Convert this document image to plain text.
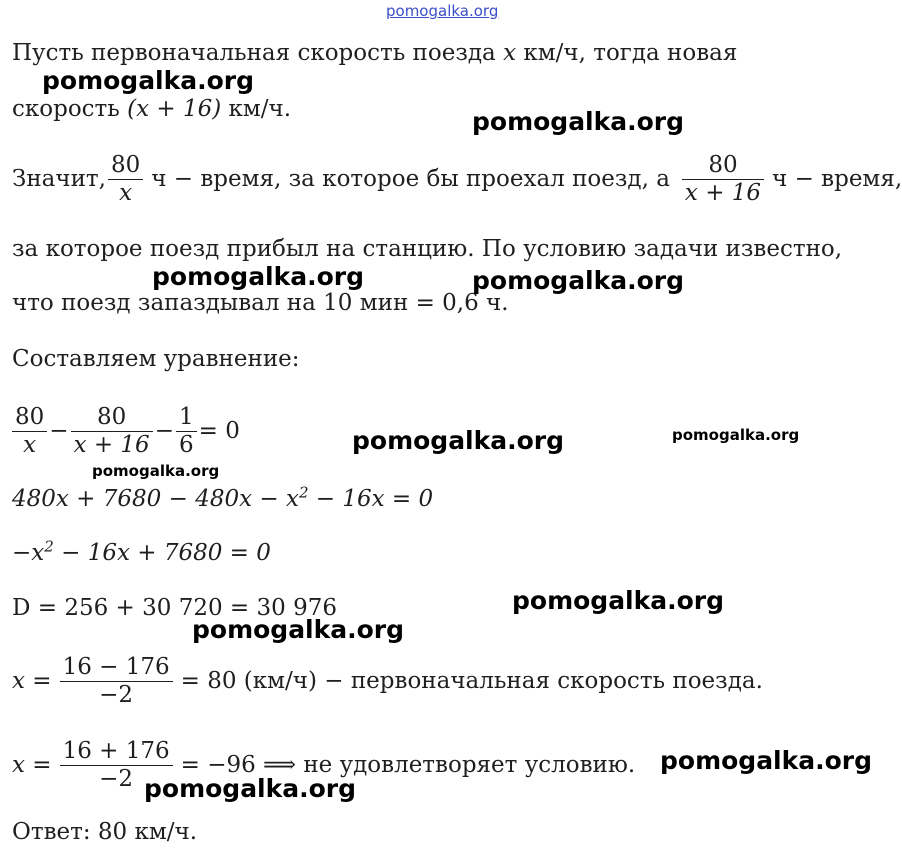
pomogalka.org
Пусть первоначальная скорость поезда x км/ч, тогда новая
скорость (x + 16) км/ч.
Значит, $\frac{80}{x}$ ч − время, за которое бы проехал поезд, а $\frac{80}{x + 16}$ ч − время,
за которое поезд прибыл на станцию. По условию задачи известно,
что поезд запаздывал на 10 мин = 0,6 ч.
Составляем уравнение:
$\frac{80}{x} - \frac{80}{x + 16} - \frac{1}{6} = 0$
$480x + 7680 - 480x - x^2 - 16x = 0$
$-x^2 - 16x + 7680 = 0$
D = 256 + 30 720 = 30 976
$x = \frac{16 - 176}{-2} = 80$ (км/ч) − первоначальная скорость поезда.
$x = \frac{16 + 176}{-2} = -96$ ⟹ не удовлетворяет условию.
Ответ: 80 км/ч.
pomogalka.org
pomogalka.org
pomogalka.org	pomogalka.org
pomogalka.org	pomogalka.org
pomogalka.org
pomogalka.org
pomogalka.org
pomogalka.org
pomogalka.org
